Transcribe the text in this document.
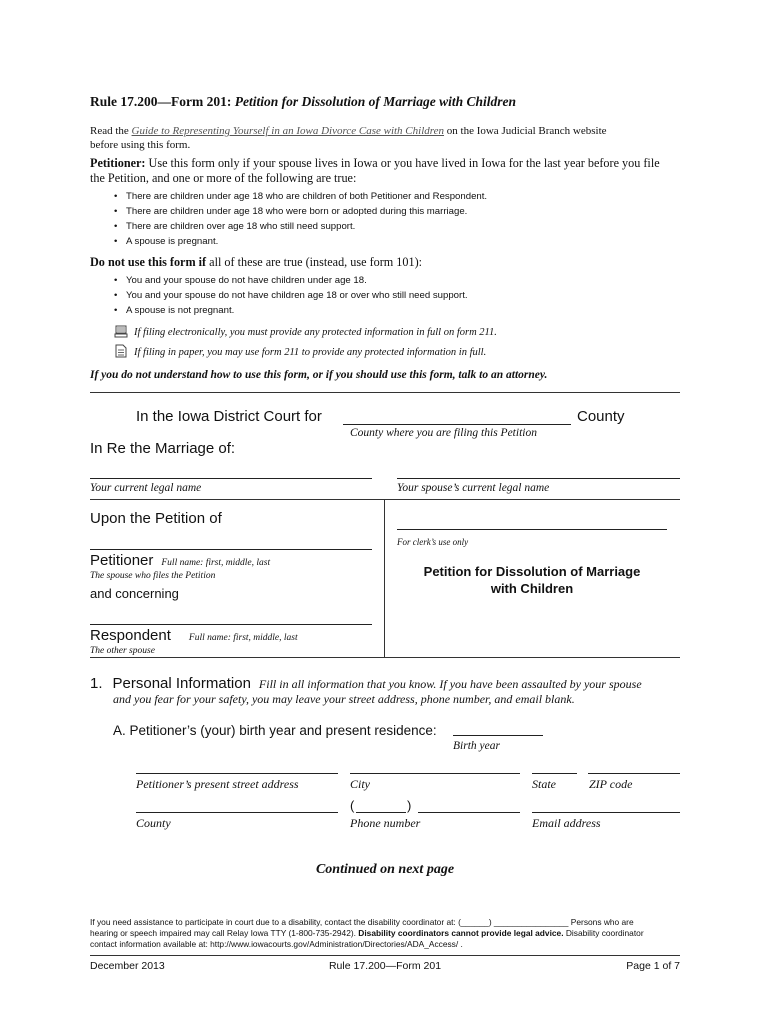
Rule 17.200—Form 201: Petition for Dissolution of Marriage with Children
Read the Guide to Representing Yourself in an Iowa Divorce Case with Children on the Iowa Judicial Branch website
before using this form.
Petitioner: Use this form only if your spouse lives in Iowa or you have lived in Iowa for the last year before you file
the Petition, and one or more of the following are true:
• There are children under age 18 who are children of both Petitioner and Respondent.
• There are children under age 18 who were born or adopted during this marriage.
• There are children over age 18 who still need support.
• A spouse is pregnant.
Do not use this form if all of these are true (instead, use form 101):
• You and your spouse do not have children under age 18.
• You and your spouse do not have children age 18 or over who still need support.
• A spouse is not pregnant.
If filing electronically, you must provide any protected information in full on form 211.
If filing in paper, you may use form 211 to provide any protected information in full.
If you do not understand how to use this form, or if you should use this form, talk to an attorney.
In the Iowa District Court for	County
County where you are filing this Petition
In Re the Marriage of:
Your current legal name	Your spouse’s current legal name
Upon the Petition of
For clerk’s use only
Petitioner Full name: first, middle, last
The spouse who files the Petition	Petition for Dissolution of Marriage
with Children
and concerning
Respondent Full name: first, middle, last
The other spouse
1. Personal Information Fill in all information that you know. If you have been assaulted by your spouse
and you fear for your safety, you may leave your street address, phone number, and email blank.
A. Petitioner’s (your) birth year and present residence:
Birth year
Petitioner’s present street address	City	State	ZIP code
(	)
County	Phone number	Email address
Continued on next page
If you need assistance to participate in court due to a disability, contact the disability coordinator at: (______) ________________ Persons who are
hearing or speech impaired may call Relay Iowa TTY (1-800-735-2942). Disability coordinators cannot provide legal advice. Disability coordinator
contact information available at: http://www.iowacourts.gov/Administration/Directories/ADA_Access/ .
December 2013	Rule 17.200—Form 201	Page 1 of 7
